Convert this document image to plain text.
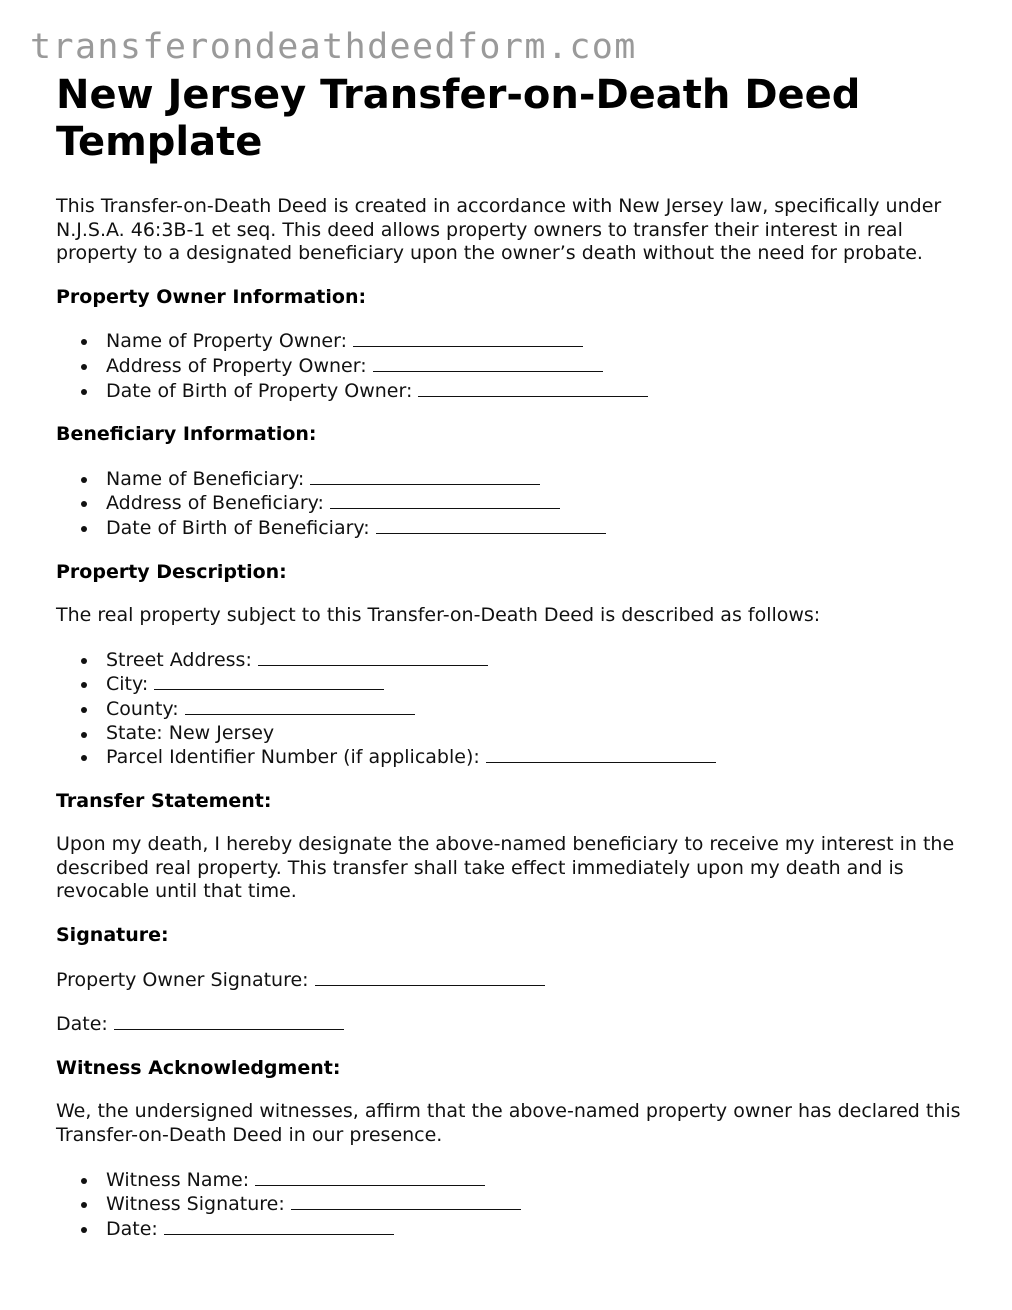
transferondeathdeedform.com
New Jersey Transfer-on-Death Deed Template

This Transfer-on-Death Deed is created in accordance with New Jersey law, specifically under N.J.S.A. 46:3B-1 et seq. This deed allows property owners to transfer their interest in real property to a designated beneficiary upon the owner’s death without the need for probate.

Property Owner Information:
Name of Property Owner:
Address of Property Owner:
Date of Birth of Property Owner:
Beneficiary Information:
Name of Beneficiary:
Address of Beneficiary:
Date of Birth of Beneficiary:
Property Description:

The real property subject to this Transfer-on-Death Deed is described as follows:

Street Address:
City:
County:
State: New Jersey
Parcel Identifier Number (if applicable):
Transfer Statement:

Upon my death, I hereby designate the above-named beneficiary to receive my interest in the described real property. This transfer shall take effect immediately upon my death and is revocable until that time.

Signature:

Property Owner Signature:

Date:

Witness Acknowledgment:

We, the undersigned witnesses, affirm that the above-named property owner has declared this Transfer-on-Death Deed in our presence.

Witness Name:
Witness Signature:
Date:
